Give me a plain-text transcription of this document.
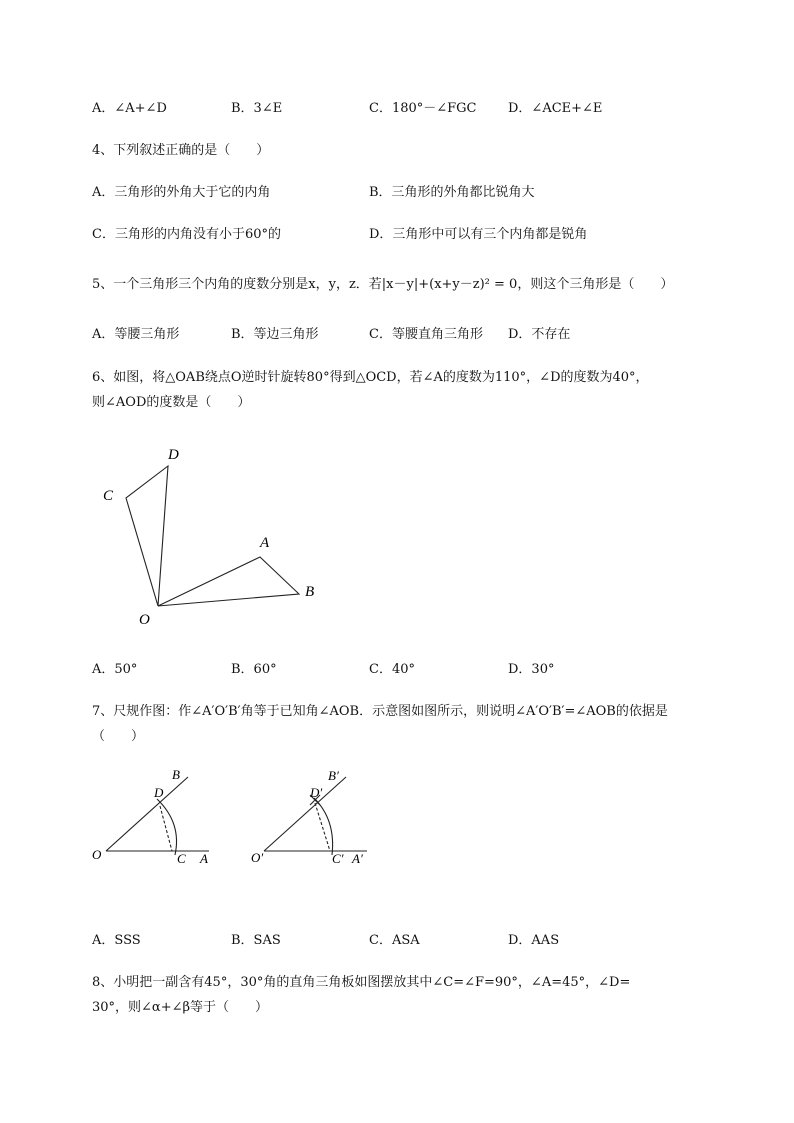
A．∠A+∠D	B．3∠E	C．180°－∠FGC D．∠ACE+∠E
4、下列叙述正确的是（　　）
A．三角形的外角大于它的内角	B．三角形的外角都比锐角大
C．三角形的内角没有小于60°的	D．三角形中可以有三个内角都是锐角
5、一个三角形三个内角的度数分别是x，y，z．若|x－y|+(x+y－z)² = 0，则这个三角形是（　　）
A．等腰三角形	B．等边三角形	C．等腰直角三角形 D．不存在
6、如图，将△OAB绕点O逆时针旋转80°得到△OCD，若∠A的度数为110°，∠D的度数为40°，
则∠AOD的度数是（　　）
D
C
A
B
O
A．50°	B．60°	C．40°	D．30°
7、尺规作图：作∠A′O′B′角等于已知角∠AOB．示意图如图所示，则说明∠A′O′B′=∠AOB的依据是
（　　）
O	C A
B
D
O′	C′ A′
B′
D′
A．SSS	B．SAS	C．ASA	D．AAS
8、小明把一副含有45°，30°角的直角三角板如图摆放其中∠C=∠F=90°，∠A=45°，∠D=
30°，则∠α+∠β等于（　　）
